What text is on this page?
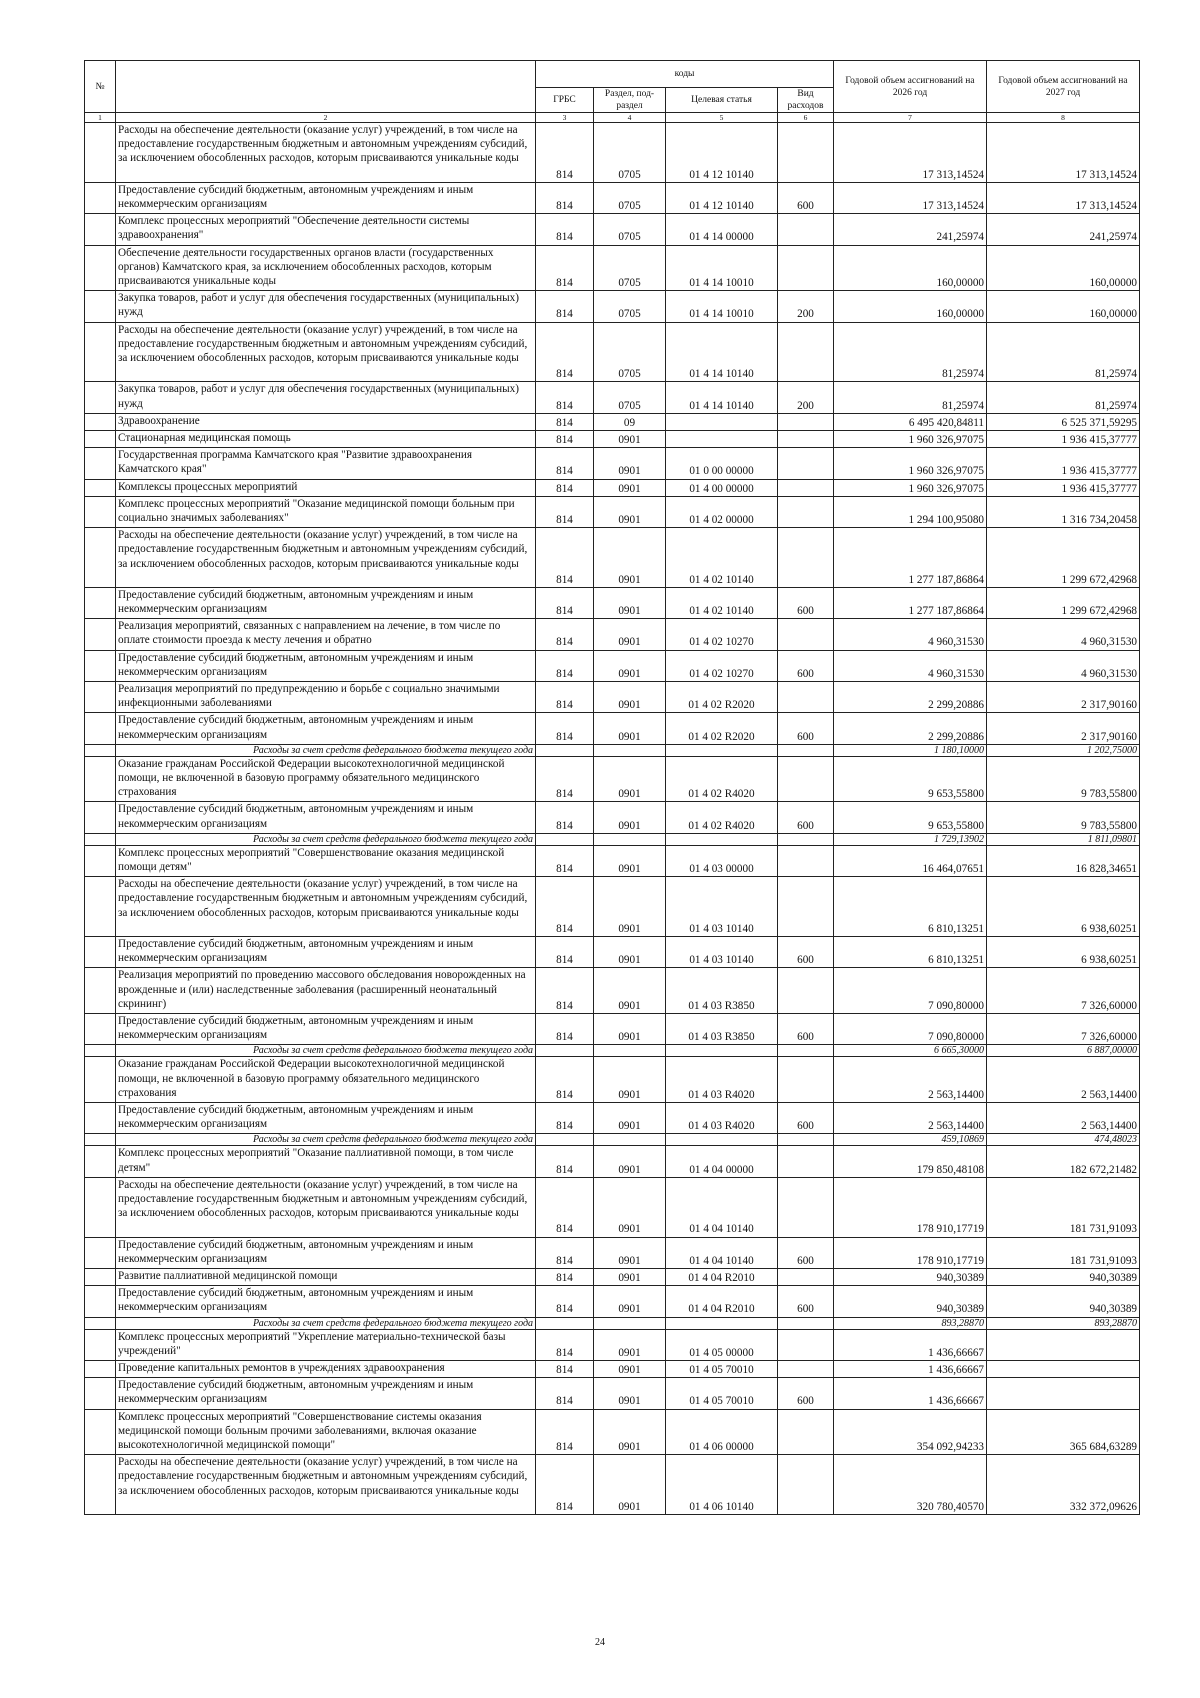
№		коды				Годовой объем ассигнований на 2026 год	Годовой объем ассигнований на 2027 год
		ГРБС	Раздел, под-раздел	Целевая статья	Вид расходов		
1	2	3	4	5	6	7	8
	Расходы на обеспечение деятельности (оказание услуг) учреждений, в том числе на предоставление государственным бюджетным и автономным учреждениям субсидий, за исключением обособленных расходов, которым присваиваются уникальные коды	814	0705	01 4 12 10140		17 313,14524	17 313,14524
	Предоставление субсидий бюджетным, автономным учреждениям и иным некоммерческим организациям	814	0705	01 4 12 10140	600	17 313,14524	17 313,14524
	Комплекс процессных мероприятий "Обеспечение деятельности системы здравоохранения"	814	0705	01 4 14 00000		241,25974	241,25974
	Обеспечение деятельности государственных органов власти (государственных органов) Камчатского края, за исключением обособленных расходов, которым присваиваются уникальные коды	814	0705	01 4 14 10010		160,00000	160,00000
	Закупка товаров, работ и услуг для обеспечения государственных (муниципальных) нужд	814	0705	01 4 14 10010	200	160,00000	160,00000
	Расходы на обеспечение деятельности (оказание услуг) учреждений, в том числе на предоставление государственным бюджетным и автономным учреждениям субсидий, за исключением обособленных расходов, которым присваиваются уникальные коды	814	0705	01 4 14 10140		81,25974	81,25974
	Закупка товаров, работ и услуг для обеспечения государственных (муниципальных) нужд	814	0705	01 4 14 10140	200	81,25974	81,25974
	Здравоохранение	814	09			6 495 420,84811	6 525 371,59295
	Стационарная медицинская помощь	814	0901			1 960 326,97075	1 936 415,37777
	Государственная программа Камчатского края "Развитие здравоохранения Камчатского края"	814	0901	01 0 00 00000		1 960 326,97075	1 936 415,37777
	Комплексы процессных мероприятий	814	0901	01 4 00 00000		1 960 326,97075	1 936 415,37777
	Комплекс процессных мероприятий "Оказание медицинской помощи больным при социально значимых заболеваниях"	814	0901	01 4 02 00000		1 294 100,95080	1 316 734,20458
	Расходы на обеспечение деятельности (оказание услуг) учреждений, в том числе на предоставление государственным бюджетным и автономным учреждениям субсидий, за исключением обособленных расходов, которым присваиваются уникальные коды	814	0901	01 4 02 10140		1 277 187,86864	1 299 672,42968
	Предоставление субсидий бюджетным, автономным учреждениям и иным некоммерческим организациям	814	0901	01 4 02 10140	600	1 277 187,86864	1 299 672,42968
	Реализация мероприятий, связанных с направлением на лечение, в том числе по оплате стоимости проезда к месту лечения и обратно	814	0901	01 4 02 10270		4 960,31530	4 960,31530
	Предоставление субсидий бюджетным, автономным учреждениям и иным некоммерческим организациям	814	0901	01 4 02 10270	600	4 960,31530	4 960,31530
	Реализация мероприятий по предупреждению и борьбе с социально значимыми инфекционными заболеваниями	814	0901	01 4 02 R2020		2 299,20886	2 317,90160
	Предоставление субсидий бюджетным, автономным учреждениям и иным некоммерческим организациям	814	0901	01 4 02 R2020	600	2 299,20886	2 317,90160
	Расходы за счет средств федерального бюджета текущего года					1 180,10000	1 202,75000
	Оказание гражданам Российской Федерации высокотехнологичной медицинской помощи, не включенной в базовую программу обязательного медицинского страхования	814	0901	01 4 02 R4020		9 653,55800	9 783,55800
	Предоставление субсидий бюджетным, автономным учреждениям и иным некоммерческим организациям	814	0901	01 4 02 R4020	600	9 653,55800	9 783,55800
	Расходы за счет средств федерального бюджета текущего года					1 729,13902	1 811,09801
	Комплекс процессных мероприятий "Совершенствование оказания медицинской помощи детям"	814	0901	01 4 03 00000		16 464,07651	16 828,34651
	Расходы на обеспечение деятельности (оказание услуг) учреждений, в том числе на предоставление государственным бюджетным и автономным учреждениям субсидий, за исключением обособленных расходов, которым присваиваются уникальные коды	814	0901	01 4 03 10140		6 810,13251	6 938,60251
	Предоставление субсидий бюджетным, автономным учреждениям и иным некоммерческим организациям	814	0901	01 4 03 10140	600	6 810,13251	6 938,60251
	Реализация мероприятий по проведению массового обследования новорожденных на врожденные и (или) наследственные заболевания (расширенный неонатальный скрининг)	814	0901	01 4 03 R3850		7 090,80000	7 326,60000
	Предоставление субсидий бюджетным, автономным учреждениям и иным некоммерческим организациям	814	0901	01 4 03 R3850	600	7 090,80000	7 326,60000
	Расходы за счет средств федерального бюджета текущего года					6 665,30000	6 887,00000
	Оказание гражданам Российской Федерации высокотехнологичной медицинской помощи, не включенной в базовую программу обязательного медицинского страхования	814	0901	01 4 03 R4020		2 563,14400	2 563,14400
	Предоставление субсидий бюджетным, автономным учреждениям и иным некоммерческим организациям	814	0901	01 4 03 R4020	600	2 563,14400	2 563,14400
	Расходы за счет средств федерального бюджета текущего года					459,10869	474,48023
	Комплекс процессных мероприятий "Оказание паллиативной помощи, в том числе детям"	814	0901	01 4 04 00000		179 850,48108	182 672,21482
	Расходы на обеспечение деятельности (оказание услуг) учреждений, в том числе на предоставление государственным бюджетным и автономным учреждениям субсидий, за исключением обособленных расходов, которым присваиваются уникальные коды	814	0901	01 4 04 10140		178 910,17719	181 731,91093
	Предоставление субсидий бюджетным, автономным учреждениям и иным некоммерческим организациям	814	0901	01 4 04 10140	600	178 910,17719	181 731,91093
	Развитие паллиативной медицинской помощи	814	0901	01 4 04 R2010		940,30389	940,30389
	Предоставление субсидий бюджетным, автономным учреждениям и иным некоммерческим организациям	814	0901	01 4 04 R2010	600	940,30389	940,30389
	Расходы за счет средств федерального бюджета текущего года					893,28870	893,28870
	Комплекс процессных мероприятий "Укрепление материально-технической базы учреждений"	814	0901	01 4 05 00000		1 436,66667	
	Проведение капитальных ремонтов в учреждениях здравоохранения	814	0901	01 4 05 70010		1 436,66667	
	Предоставление субсидий бюджетным, автономным учреждениям и иным некоммерческим организациям	814	0901	01 4 05 70010	600	1 436,66667	
	Комплекс процессных мероприятий "Совершенствование системы оказания медицинской помощи больным прочими заболеваниями, включая оказание высокотехнологичной медицинской помощи"	814	0901	01 4 06 00000		354 092,94233	365 684,63289
	Расходы на обеспечение деятельности (оказание услуг) учреждений, в том числе на предоставление государственным бюджетным и автономным учреждениям субсидий, за исключением обособленных расходов, которым присваиваются уникальные коды	814	0901	01 4 06 10140		320 780,40570	332 372,09626
24
